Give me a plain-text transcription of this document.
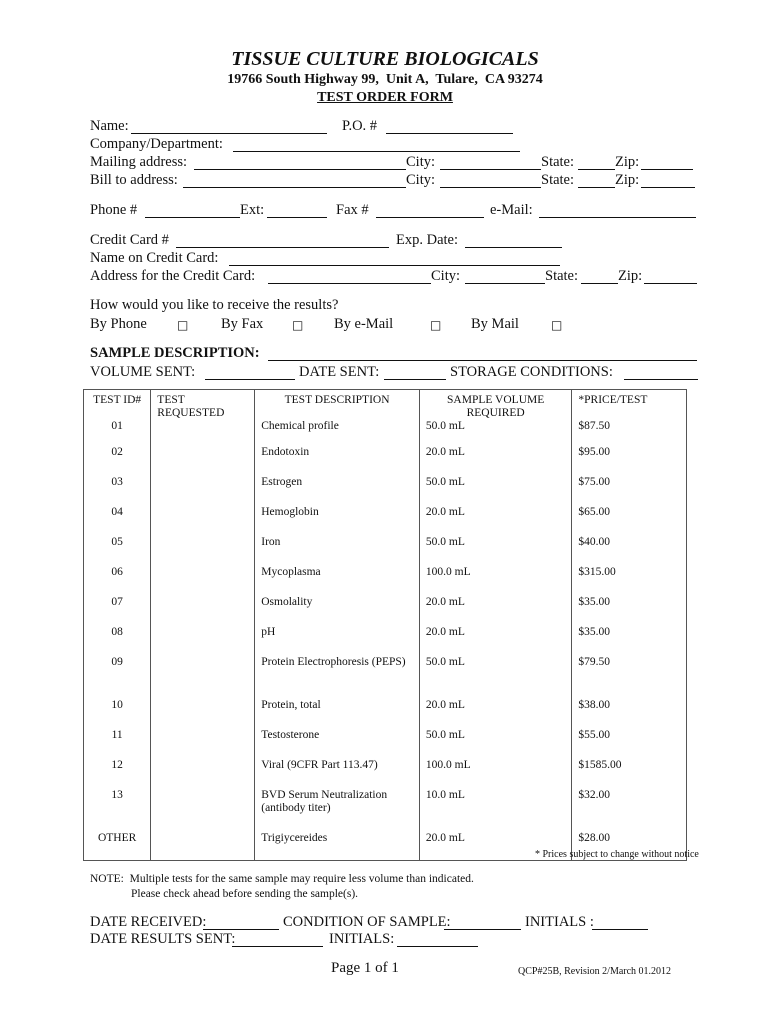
TISSUE CULTURE BIOLOGICALS
19766 South Highway 99,  Unit A,  Tulare,  CA 93274
TEST ORDER FORM
Name:	P.O. #
Company/Department:
Mailing address:	City:	State:	Zip:
Bill to address:	City:	State:	Zip:
Phone #	Ext:	Fax #	e-Mail:
Credit Card #	Exp. Date:
Name on Credit Card:
Address for the Credit Card:	City:	State:	Zip:
How would you like to receive the results?
By Phone	□ By Fax □ By e-Mail	□ By Mail	□
SAMPLE DESCRIPTION:
VOLUME SENT:	DATE SENT:	STORAGE CONDITIONS:
TEST ID#	TEST REQUESTED	TEST DESCRIPTION	SAMPLE VOLUME REQUIRED	*PRICE/TEST
01		Chemical profile	50.0 mL	$87.50
02		Endotoxin	20.0 mL	$95.00
03		Estrogen	50.0 mL	$75.00
04		Hemoglobin	20.0 mL	$65.00
05		Iron	50.0 mL	$40.00
06		Mycoplasma	100.0 mL	$315.00
07		Osmolality	20.0 mL	$35.00
08		pH	20.0 mL	$35.00
09		Protein Electrophoresis (PEPS)	50.0 mL	$79.50
10		Protein, total	20.0 mL	$38.00
11		Testosterone	50.0 mL	$55.00
12		Viral (9CFR Part 113.47)	100.0 mL	$1585.00
13		BVD Serum Neutralization (antibody titer)	10.0 mL	$32.00
OTHER		Trigiycereides	20.0 mL	$28.00
* Prices subject to change without notice
NOTE:  Multiple tests for the same sample may require less volume than indicated.
Please check ahead before sending the sample(s).
DATE RECEIVED:	CONDITION OF SAMPLE:	INITIALS :
DATE RESULTS SENT:	INITIALS:
Page 1 of 1	QCP#25B, Revision 2/March 01.2012
